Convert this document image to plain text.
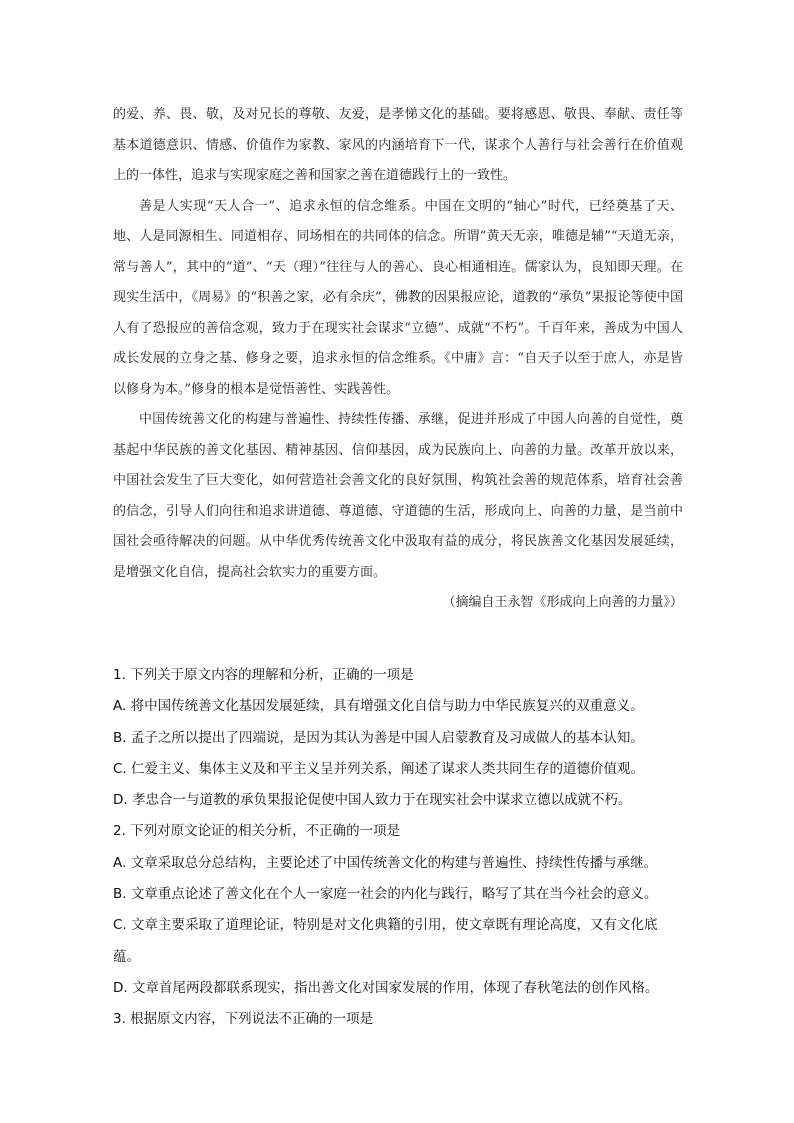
的爱、养、畏、敬，及对兄长的尊敬、友爱，是孝悌文化的基础。要将感恩、敬畏、奉献、责任等基本道德意识、情感、价值作为家教、家风的内涵培育下一代，谋求个人善行与社会善行在价值观上的一体性，追求与实现家庭之善和国家之善在道德践行上的一致性。

善是人实现“天人合一”、追求永恒的信念维系。中国在文明的“轴心”时代，已经奠基了天、地、人是同源相生、同道相存、同场相在的共同体的信念。所谓“黄天无亲，唯德是辅”“天道无亲，常与善人”，其中的“道”、“天（理）”往往与人的善心、良心相通相连。儒家认为，良知即天理。在现实生活中，《周易》的“积善之家，必有余庆”，佛教的因果报应论，道教的“承负”果报论等使中国人有了恐报应的善信念观，致力于在现实社会谋求“立德”、成就“不朽”。千百年来，善成为中国人成长发展的立身之基、修身之要，追求永恒的信念维系。《中庸》言：“自天子以至于庶人，亦是皆以修身为本。”修身的根本是觉悟善性、实践善性。

中国传统善文化的构建与普遍性、持续性传播、承继，促进并形成了中国人向善的自觉性，奠基起中华民族的善文化基因、精神基因、信仰基因，成为民族向上、向善的力量。改革开放以来，中国社会发生了巨大变化，如何营造社会善文化的良好氛围，构筑社会善的规范体系，培育社会善的信念，引导人们向往和追求讲道德、尊道德、守道德的生活，形成向上、向善的力量，是当前中国社会亟待解决的问题。从中华优秀传统善文化中汲取有益的成分，将民族善文化基因发展延续，是增强文化自信，提高社会软实力的重要方面。

（摘编自王永智《形成向上向善的力量》）
1. 下列关于原文内容的理解和分析，正确的一项是
A. 将中国传统善文化基因发展延续，具有增强文化自信与助力中华民族复兴的双重意义。
B. 孟子之所以提出了四端说，是因为其认为善是中国人启蒙教育及习成做人的基本认知。
C. 仁爱主义、集体主义及和平主义呈并列关系，阐述了谋求人类共同生存的道德价值观。
D. 孝忠合一与道教的承负果报论促使中国人致力于在现实社会中谋求立德以成就不朽。
2. 下列对原文论证的相关分析，不正确的一项是
A. 文章采取总分总结构，主要论述了中国传统善文化的构建与普遍性、持续性传播与承继。
B. 文章重点论述了善文化在个人一家庭一社会的内化与践行，略写了其在当今社会的意义。
C. 文章主要采取了道理论证，特别是对文化典籍的引用，使文章既有理论高度，又有文化底蕴。
D. 文章首尾两段都联系现实，指出善文化对国家发展的作用，体现了春秋笔法的创作风格。
3. 根据原文内容，下列说法不正确的一项是
